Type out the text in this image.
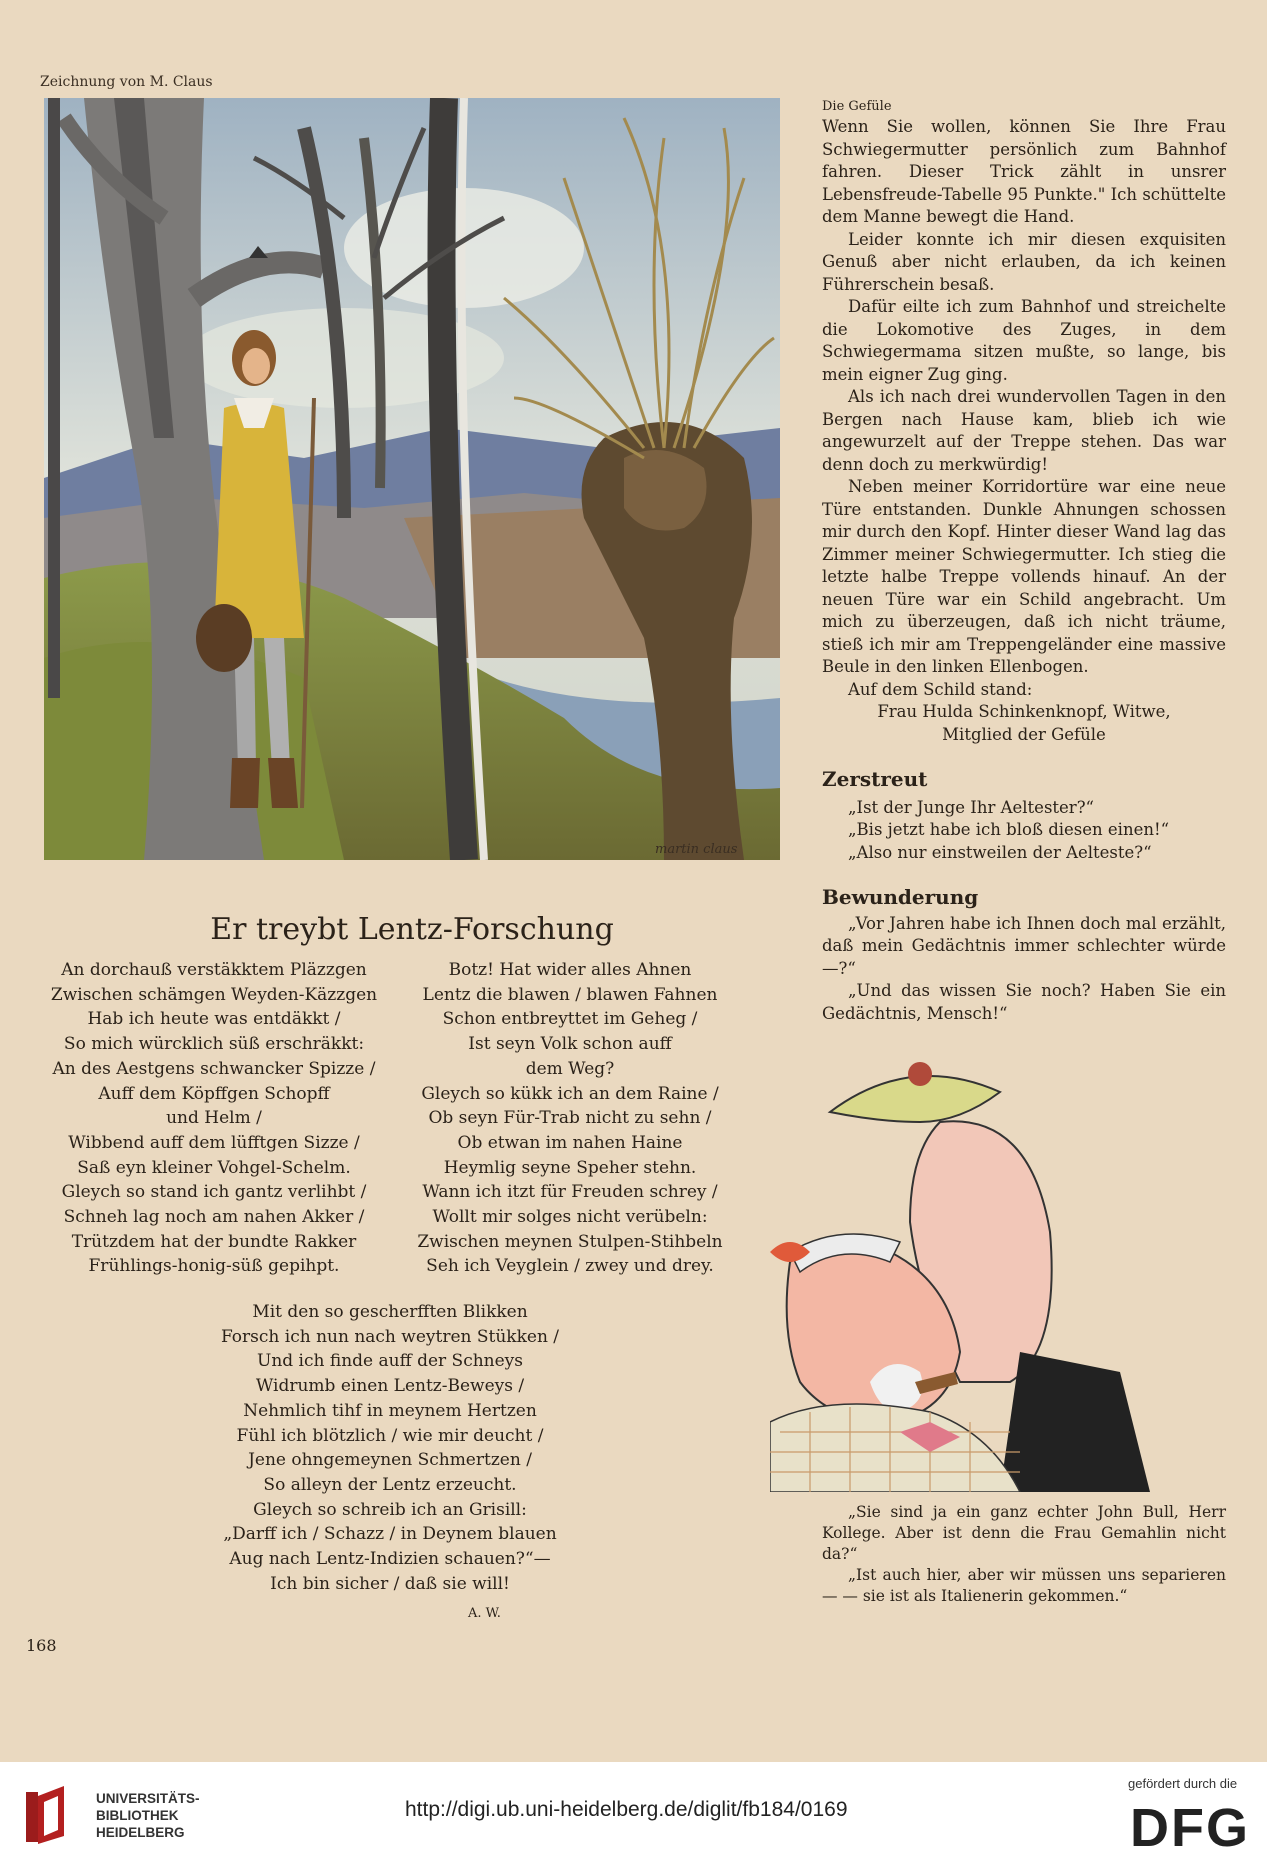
Zeichnung von M. Claus
martin claus

Die Gefüle

Wenn Sie wollen, können Sie Ihre Frau Schwiegermutter persönlich zum Bahnhof fahren. Dieser Trick zählt in unsrer Lebensfreude-Tabelle 95 Punkte." Ich schüttelte dem Manne bewegt die Hand.

Leider konnte ich mir diesen exquisiten Genuß aber nicht erlauben, da ich keinen Führerschein besaß.

Dafür eilte ich zum Bahnhof und streichelte die Lokomotive des Zuges, in dem Schwiegermama sitzen mußte, so lange, bis mein eigner Zug ging.

Als ich nach drei wundervollen Tagen in den Bergen nach Hause kam, blieb ich wie angewurzelt auf der Treppe stehen. Das war denn doch zu merkwürdig!

Neben meiner Korridortüre war eine neue Türe entstanden. Dunkle Ahnungen schossen mir durch den Kopf. Hinter dieser Wand lag das Zimmer meiner Schwiegermutter. Ich stieg die letzte halbe Treppe vollends hinauf. An der neuen Türe war ein Schild angebracht. Um mich zu überzeugen, daß ich nicht träume, stieß ich mir am Treppengeländer eine massive Beule in den linken Ellenbogen.

Auf dem Schild stand:

Frau Hulda Schinkenknopf, Witwe,

Mitglied der Gefüle

Zerstreut

„Ist der Junge Ihr Aeltester?“

„Bis jetzt habe ich bloß diesen einen!“

„Also nur einstweilen der Aelteste?“

Bewunderung

„Vor Jahren habe ich Ihnen doch mal erzählt, daß mein Gedächtnis immer schlechter würde —?“

„Und das wissen Sie noch? Haben Sie ein Gedächtnis, Mensch!“

„Sie sind ja ein ganz echter John Bull, Herr Kollege. Aber ist denn die Frau Gemahlin nicht da?“

„Ist auch hier, aber wir müssen uns separieren — — sie ist als Italienerin gekommen.“

Er treybt Lentz-Forschung
An dorchauß verstäkktem Pläzzgen
Zwischen schämgen Weyden-Käzzgen
Hab ich heute was entdäkkt /
So mich würcklich süß erschräkkt:
An des Aestgens schwancker Spizze /
Auff dem Köpffgen Schopff
und Helm /
Wibbend auff dem lüfftgen Sizze /
Saß eyn kleiner Vohgel-Schelm.
Gleych so stand ich gantz verlihbt /
Schneh lag noch am nahen Akker /
Trützdem hat der bundte Rakker
Frühlings-honig-süß gepihpt.
Botz! Hat wider alles Ahnen
Lentz die blawen / blawen Fahnen
Schon entbreyttet im Geheg /
Ist seyn Volk schon auff
dem Weg?
Gleych so kükk ich an dem Raine /
Ob seyn Für-Trab nicht zu sehn /
Ob etwan im nahen Haine
Heymlig seyne Speher stehn.
Wann ich itzt für Freuden schrey /
Wollt mir solges nicht verübeln:
Zwischen meynen Stulpen-Stihbeln
Seh ich Veyglein / zwey und drey.
Mit den so gescherfften Blikken
Forsch ich nun nach weytren Stükken /
Und ich finde auff der Schneys
Widrumb einen Lentz-Beweys /
Nehmlich tihf in meynem Hertzen
Fühl ich blötzlich / wie mir deucht /
Jene ohngemeynen Schmertzen /
So alleyn der Lentz erzeucht.
Gleych so schreib ich an Grisill:
„Darff ich / Schazz / in Deynem blauen
Aug nach Lentz-Indizien schauen?“—
Ich bin sicher / daß sie will!
A. W.
168
UNIVERSITÄTS-
BIBLIOTHEK
HEIDELBERG
http://digi.ub.uni-heidelberg.de/diglit/fb184/0169
gefördert durch die
DFG
